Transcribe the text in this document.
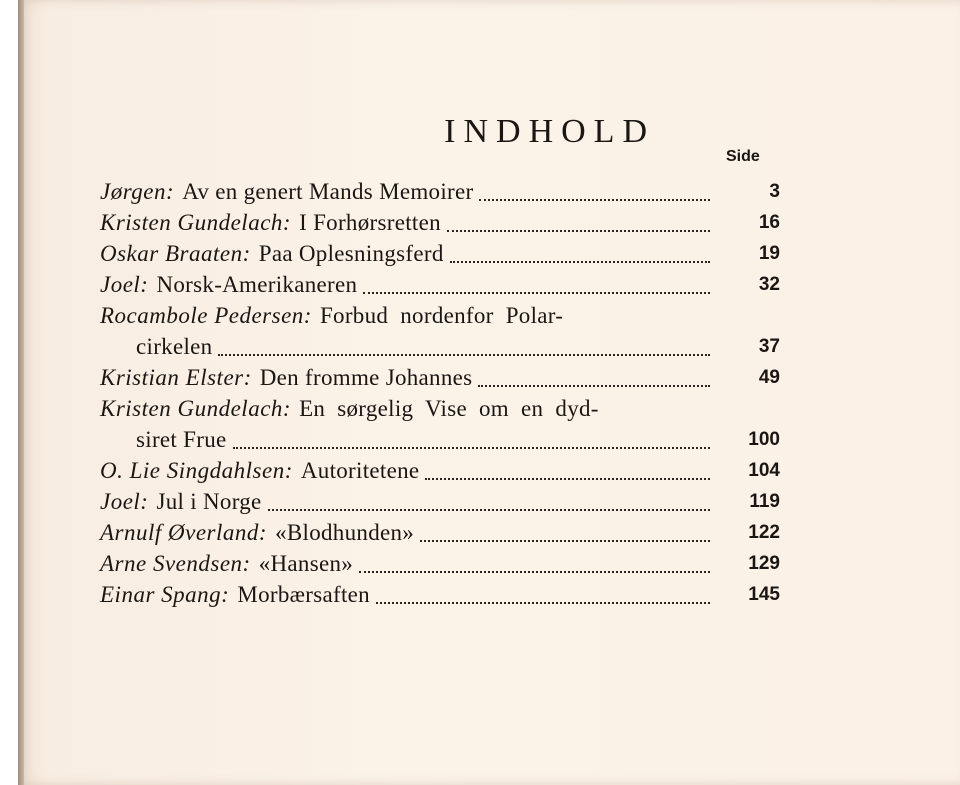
INDHOLD
Side
Jørgen: Av en genert Mands Memoirer	3
Kristen Gundelach: I Forhørsretten	16
Oskar Braaten: Paa Oplesningsferd	19
Joel: Norsk-Amerikaneren	32
Rocambole Pedersen: Forbud nordenfor Polar-
cirkelen	37
Kristian Elster: Den fromme Johannes	49
Kristen Gundelach: En sørgelig Vise om en dyd-
siret Frue	100
O. Lie Singdahlsen: Autoritetene	104
Joel: Jul i Norge	119
Arnulf Øverland: «Blodhunden»	122
Arne Svendsen: «Hansen»	129
Einar Spang: Morbærsaften	145
